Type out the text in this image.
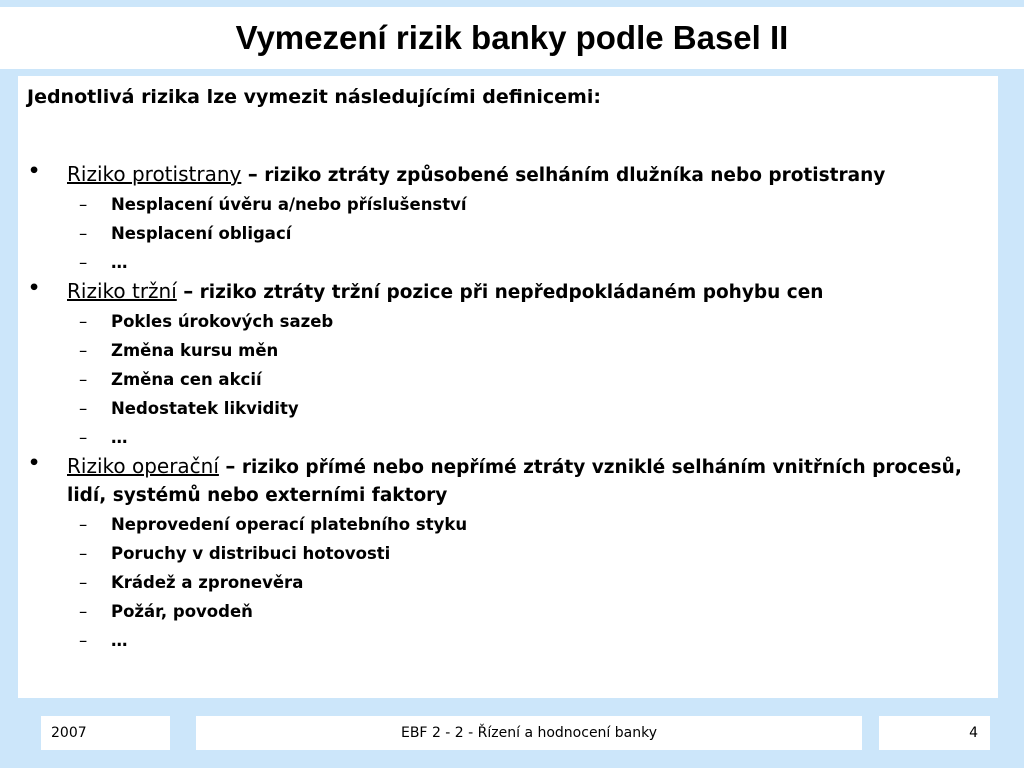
Vymezení rizik banky podle Basel II
Jednotlivá rizika lze vymezit následujícími definicemi:
• Riziko protistrany – riziko ztráty způsobené selháním dlužníka nebo protistrany
– Nesplacení úvěru a/nebo příslušenství
– Nesplacení obligací
– …
• Riziko tržní – riziko ztráty tržní pozice při nepředpokládaném pohybu cen
– Pokles úrokových sazeb
– Změna kursu měn
– Změna cen akcií
– Nedostatek likvidity
– …
• Riziko operační – riziko přímé nebo nepřímé ztráty vzniklé selháním vnitřních procesů, lidí, systémů nebo externími faktory
– Neprovedení operací platebního styku
– Poruchy v distribuci hotovosti
– Krádež a zpronevěra
– Požár, povodeň
– …
2007	EBF 2 - 2 - Řízení a hodnocení banky	4
